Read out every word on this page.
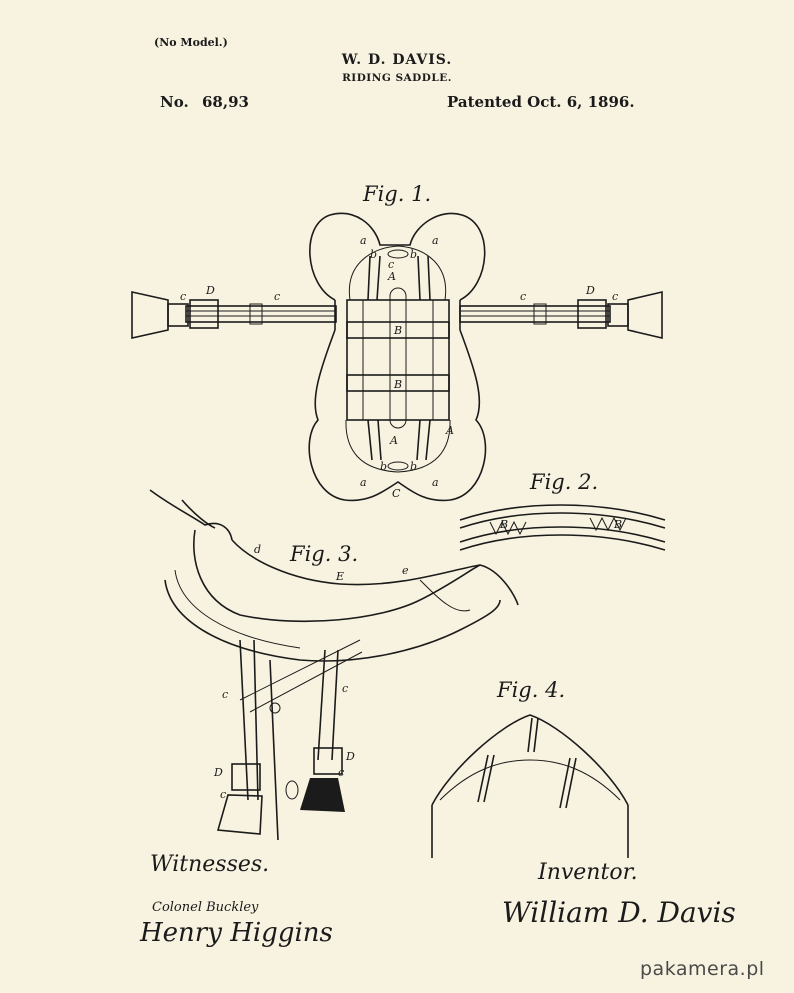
(No Model.)
W. D. DAVIS.
RIDING SADDLE.
No. 68,93	Patented Oct. 6, 1896.
a	a
b	b
c
A
B
B
A
A
b b
a	a
C
c D	c	c	D c
B	B
d
E	e
c	c
D
c
D
c
Fig. 1.
Fig. 2.
Fig. 3.
Fig. 4.
Witnesses.	Inventor.
Colonel Buckley
Henry Higgins
William D. Davis
pakamera.pl
